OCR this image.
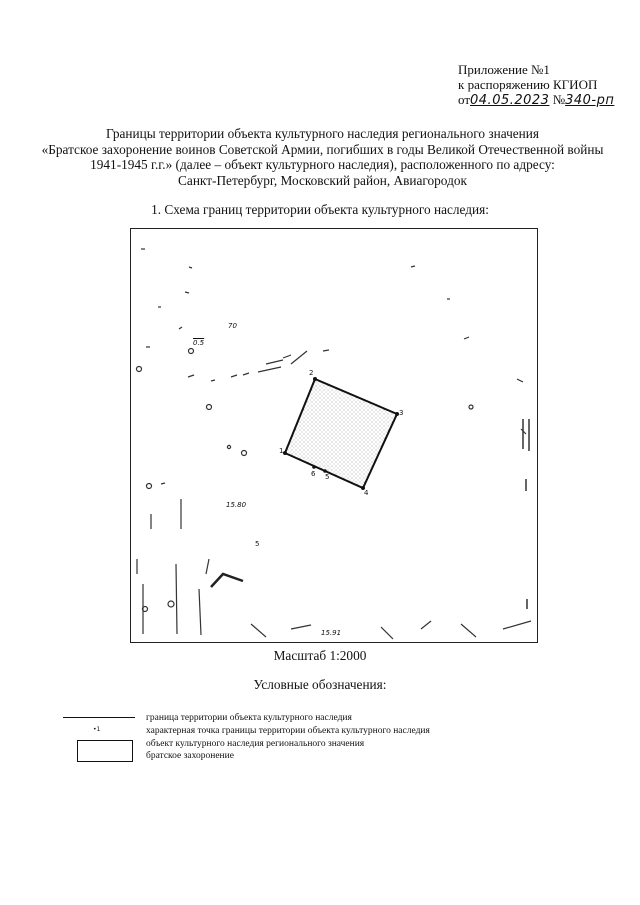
Приложение №1
к распоряжению КГИОП
от04.05.2023 №340-рп
Границы территории объекта культурного наследия регионального значения
«Братское захоронение воинов Советской Армии, погибших в годы Великой Отечественной войны
1941-1945 г.г.» (далее – объект культурного наследия), расположенного по адресу:
Санкт-Петербург, Московский район, Авиагородок
1. Схема границ территории объекта культурного наследия:
1
2
3
4
5
6
70
0.5
15.80
5
15.91
Масштаб 1:2000
Условные обозначения:
граница территории объекта культурного наследия
•1	характерная точка границы территории объекта культурного наследия
объект культурного наследия регионального значения
братское захоронение
